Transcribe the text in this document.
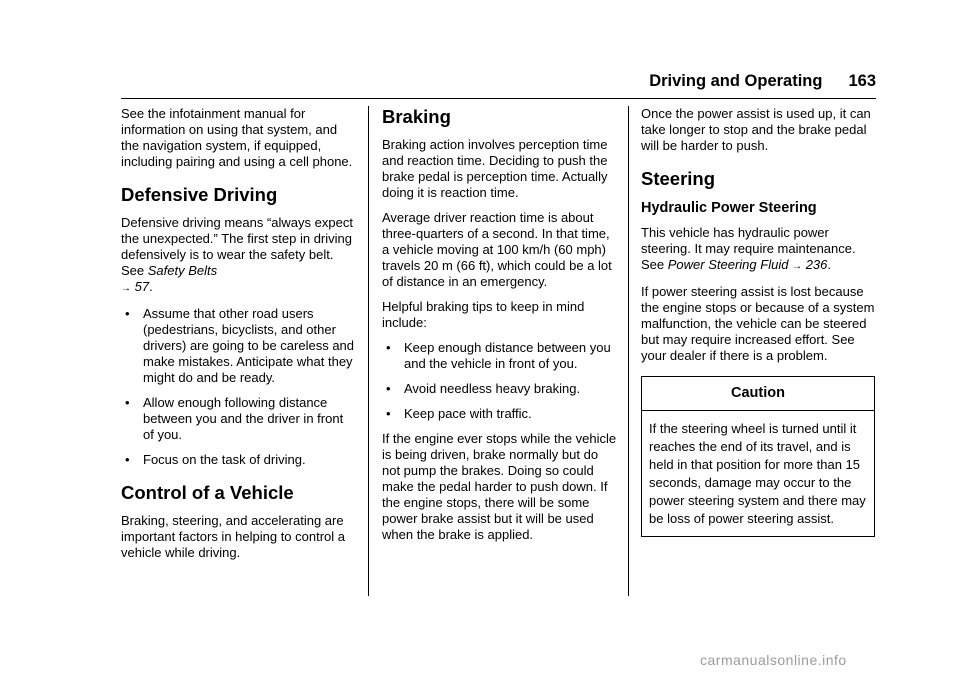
Driving and Operating 163

See the infotainment manual for information on using that system, and the navigation system, if equipped, including pairing and using a cell phone.

Defensive Driving

Defensive driving means “always expect the unexpected.” The first step in driving defensively is to wear the safety belt. See Safety Belts
→ 57.

• Assume that other road users (pedestrians, bicyclists, and other drivers) are going to be careless and make mistakes. Anticipate what they might do and be ready.
• Allow enough following distance between you and the driver in front of you.
• Focus on the task of driving.
Control of a Vehicle

Braking, steering, and accelerating are important factors in helping to control a vehicle while driving.

Braking

Braking action involves perception time and reaction time. Deciding to push the brake pedal is perception time. Actually doing it is reaction time.

Average driver reaction time is about three-quarters of a second. In that time, a vehicle moving at 100 km/h (60 mph) travels 20 m (66 ft), which could be a lot of distance in an emergency.

Helpful braking tips to keep in mind include:

• Keep enough distance between you and the vehicle in front of you.
• Avoid needless heavy braking.
• Keep pace with traffic.

If the engine ever stops while the vehicle is being driven, brake normally but do not pump the brakes. Doing so could make the pedal harder to push down. If the engine stops, there will be some power brake assist but it will be used when the brake is applied.

Once the power assist is used up, it can take longer to stop and the brake pedal will be harder to push.

Steering
Hydraulic Power Steering

This vehicle has hydraulic power steering. It may require maintenance. See Power Steering Fluid → 236.

If power steering assist is lost because the engine stops or because of a system malfunction, the vehicle can be steered but may require increased effort. See your dealer if there is a problem.

Caution
If the steering wheel is turned until it reaches the end of its travel, and is held in that position for more than 15 seconds, damage may occur to the power steering system and there may be loss of power steering assist.
carmanualsonline.info
